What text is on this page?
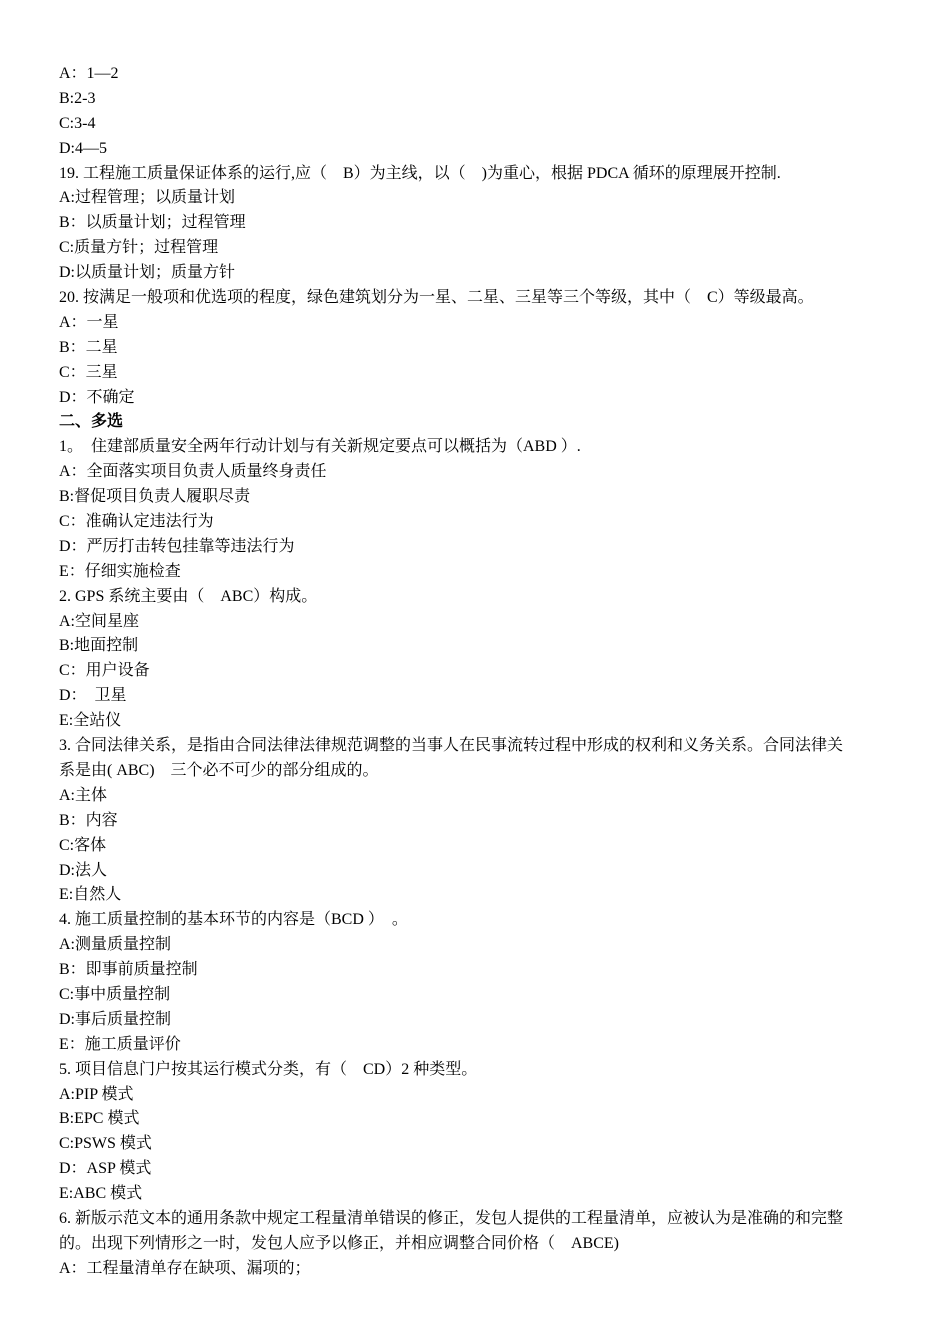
A：1—2
B:2-3
C:3-4
D:4—5
19. 工程施工质量保证体系的运行,应（　B）为主线，以（　)为重心，根据 PDCA 循环的原理展开控制.
A:过程管理；以质量计划
B：以质量计划；过程管理
C:质量方针；过程管理
D:以质量计划；质量方针
20. 按满足一般项和优选项的程度，绿色建筑划分为一星、二星、三星等三个等级，其中（　C）等级最高。
A：一星
B：二星
C：三星
D：不确定
二、多选
1。　住建部质量安全两年行动计划与有关新规定要点可以概括为（ABD ）.
A：全面落实项目负责人质量终身责任
B:督促项目负责人履职尽责
C：准确认定违法行为
D：严厉打击转包挂靠等违法行为
E：仔细实施检查
2. GPS 系统主要由（　ABC）构成。
A:空间星座
B:地面控制
C：用户设备
D：　卫星
E:全站仪
3. 合同法律关系，是指由合同法律法律规范调整的当事人在民事流转过程中形成的权利和义务关系。合同法律关
系是由( ABC)　三个必不可少的部分组成的。
A:主体
B：内容
C:客体
D:法人
E:自然人
4. 施工质量控制的基本环节的内容是（BCD ）　。
A:测量质量控制
B：即事前质量控制
C:事中质量控制
D:事后质量控制
E：施工质量评价
5. 项目信息门户按其运行模式分类，有（　CD）2 种类型。
A:PIP 模式
B:EPC 模式
C:PSWS 模式
D：ASP 模式
E:ABC 模式
6. 新版示范文本的通用条款中规定工程量清单错误的修正，发包人提供的工程量清单，应被认为是准确的和完整
的。出现下列情形之一时，发包人应予以修正，并相应调整合同价格（　ABCE)
A：工程量清单存在缺项、漏项的；
